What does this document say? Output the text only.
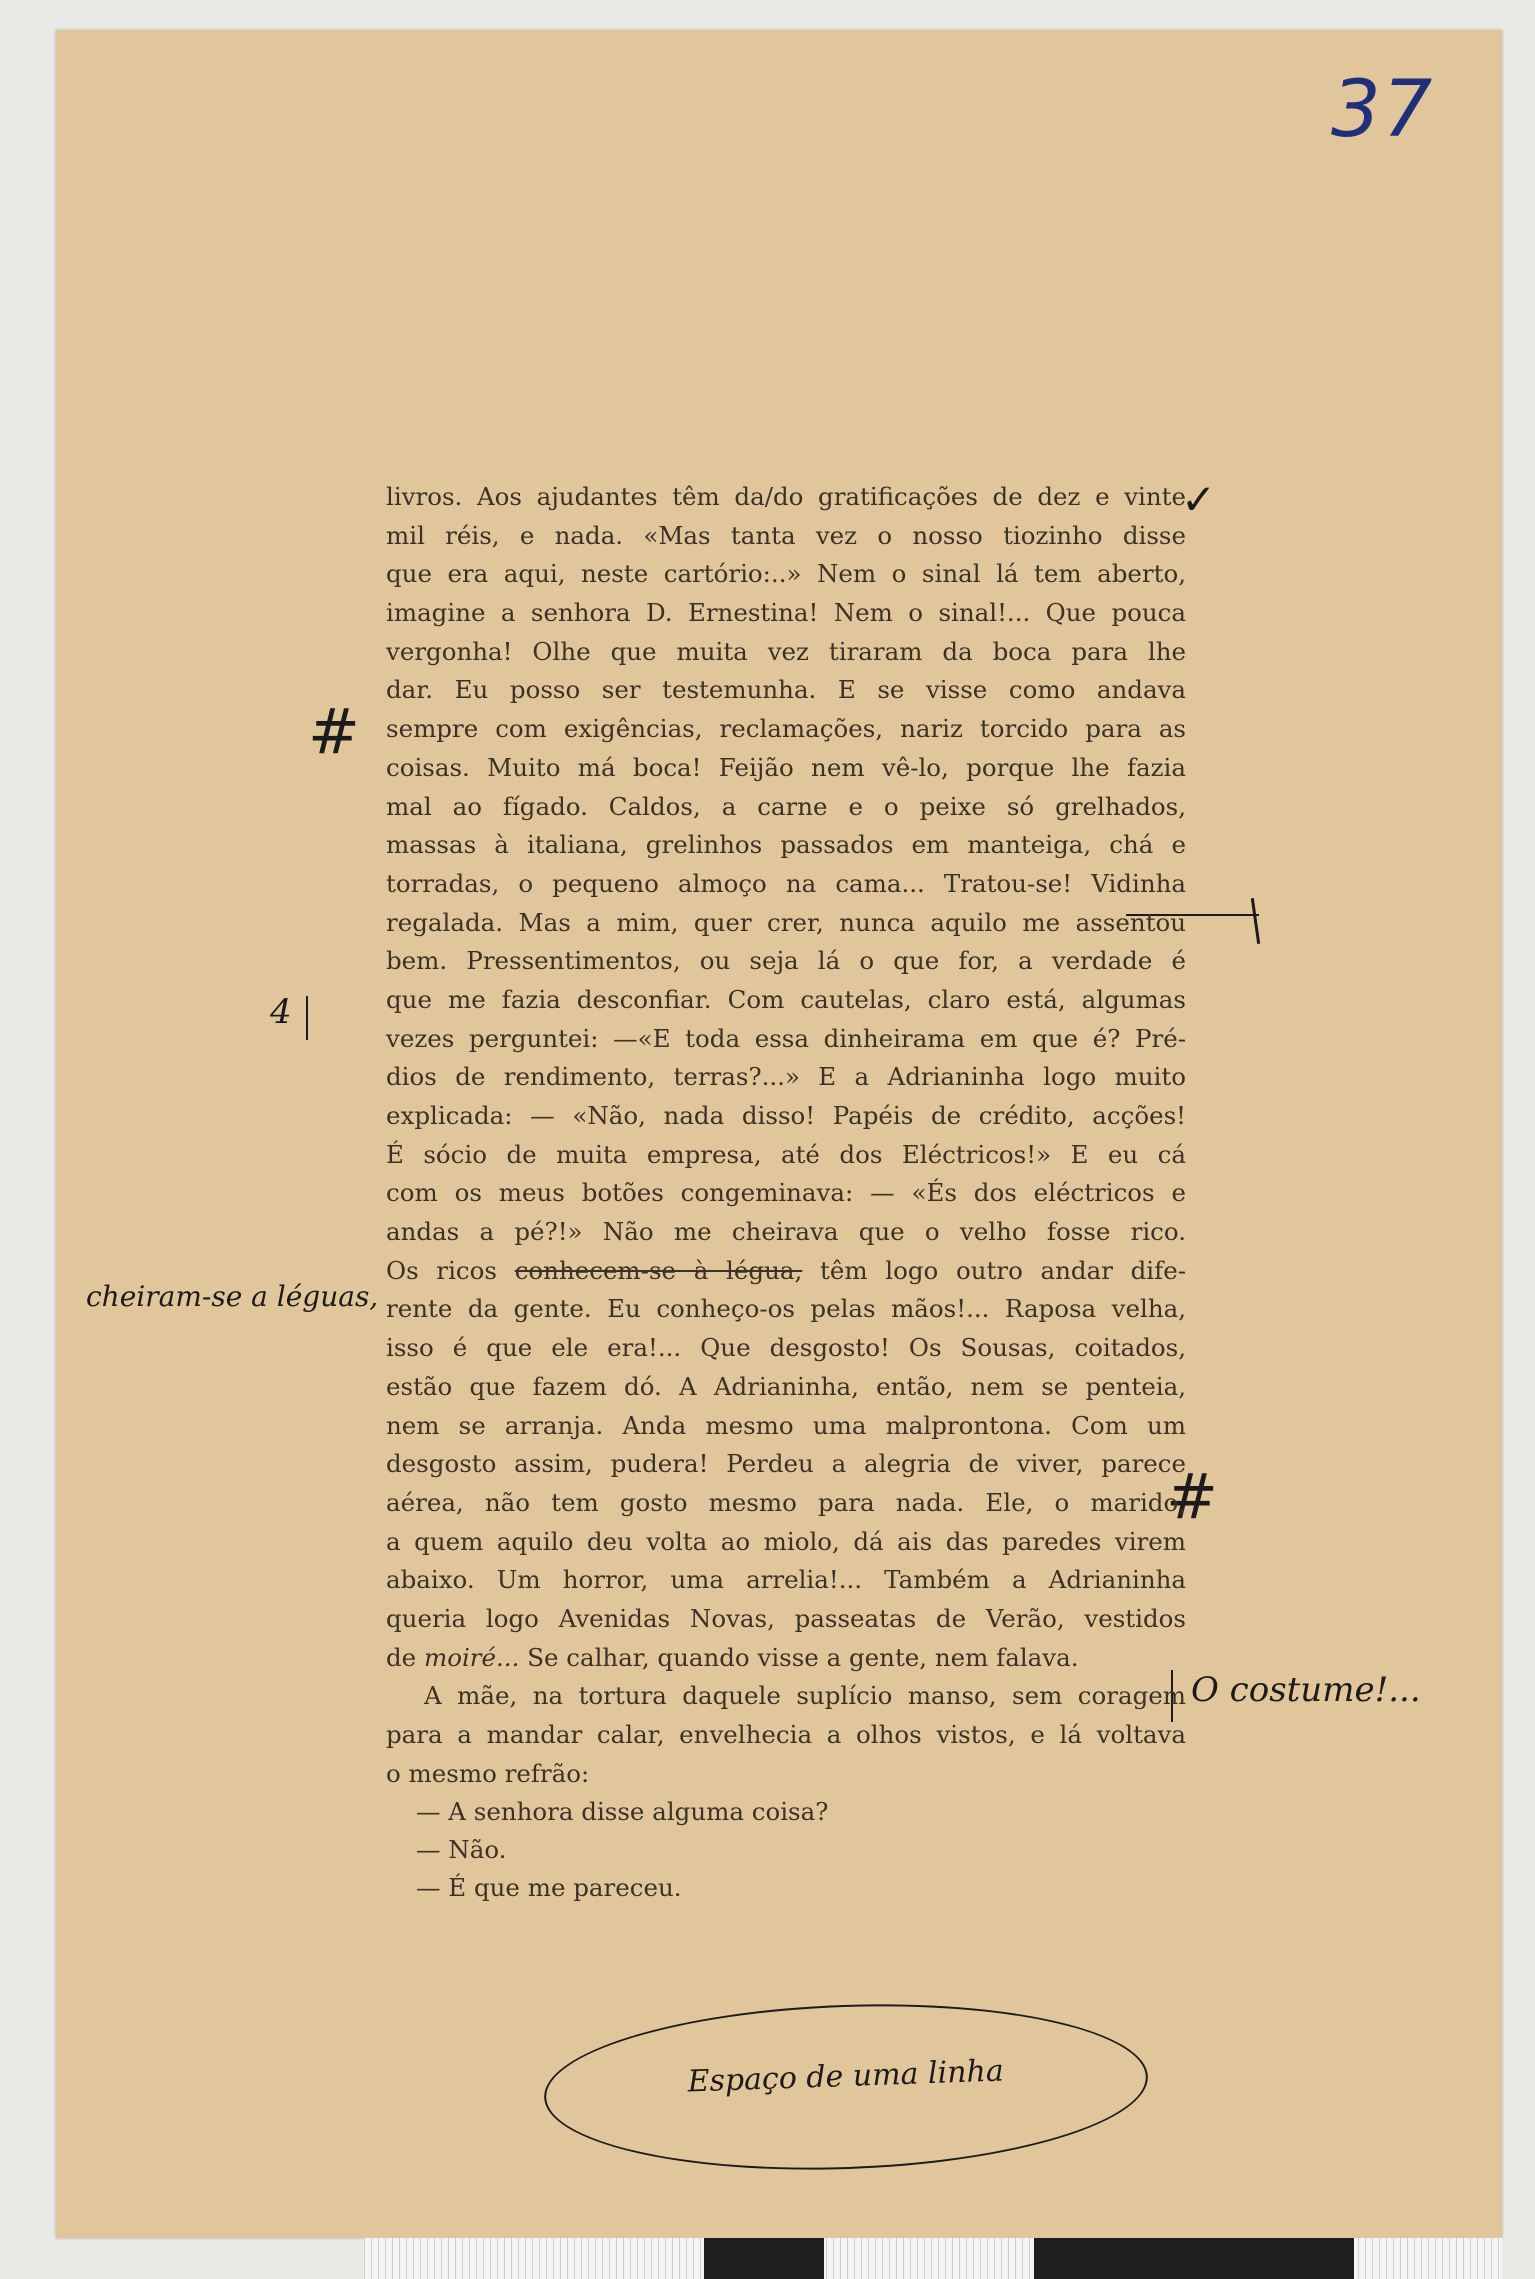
37
✓
#
4
cheiram-se a léguas,
#
O costume!...
livros. Aos ajudantes têm da/do gratificações de dez e vinte
mil réis, e nada. «Mas tanta vez o nosso tiozinho disse
que era aqui, neste cartório:..» Nem o sinal lá tem aberto,
imagine a senhora D. Ernestina! Nem o sinal!... Que pouca
vergonha! Olhe que muita vez tiraram da boca para lhe
dar. Eu posso ser testemunha. E se visse como andava
sempre com exigências, reclamações, nariz torcido para as
coisas. Muito má boca! Feijão nem vê-lo, porque lhe fazia
mal ao fígado. Caldos, a carne e o peixe só grelhados,
massas à italiana, grelinhos passados em manteiga, chá e
torradas, o pequeno almoço na cama... Tratou-se! Vidinha
regalada. Mas a mim, quer crer, nunca aquilo me assentou
bem. Pressentimentos, ou seja lá o que for, a verdade é
que me fazia desconfiar. Com cautelas, claro está, algumas
vezes perguntei: —«E toda essa dinheirama em que é? Pré-
dios de rendimento, terras?...» E a Adrianinha logo muito
explicada: — «Não, nada disso! Papéis de crédito, acções!
É sócio de muita empresa, até dos Eléctricos!» E eu cá
com os meus botões congeminava: — «És dos eléctricos e
andas a pé?!» Não me cheirava que o velho fosse rico.
Os ricos conhecem-se à légua, têm logo outro andar dife-
rente da gente. Eu conheço-os pelas mãos!... Raposa velha,
isso é que ele era!... Que desgosto! Os Sousas, coitados,
estão que fazem dó. A Adrianinha, então, nem se penteia,
nem se arranja. Anda mesmo uma malprontona. Com um
desgosto assim, pudera! Perdeu a alegria de viver, parece
aérea, não tem gosto mesmo para nada. Ele, o marido,
a quem aquilo deu volta ao miolo, dá ais das paredes virem
abaixo. Um horror, uma arrelia!... Também a Adrianinha
queria logo Avenidas Novas, passeatas de Verão, vestidos
de moiré... Se calhar, quando visse a gente, nem falava.
A mãe, na tortura daquele suplício manso, sem coragem
para a mandar calar, envelhecia a olhos vistos, e lá voltava
o mesmo refrão:
— A senhora disse alguma coisa?
— Não.
— É que me pareceu.
Espaço de uma linha
